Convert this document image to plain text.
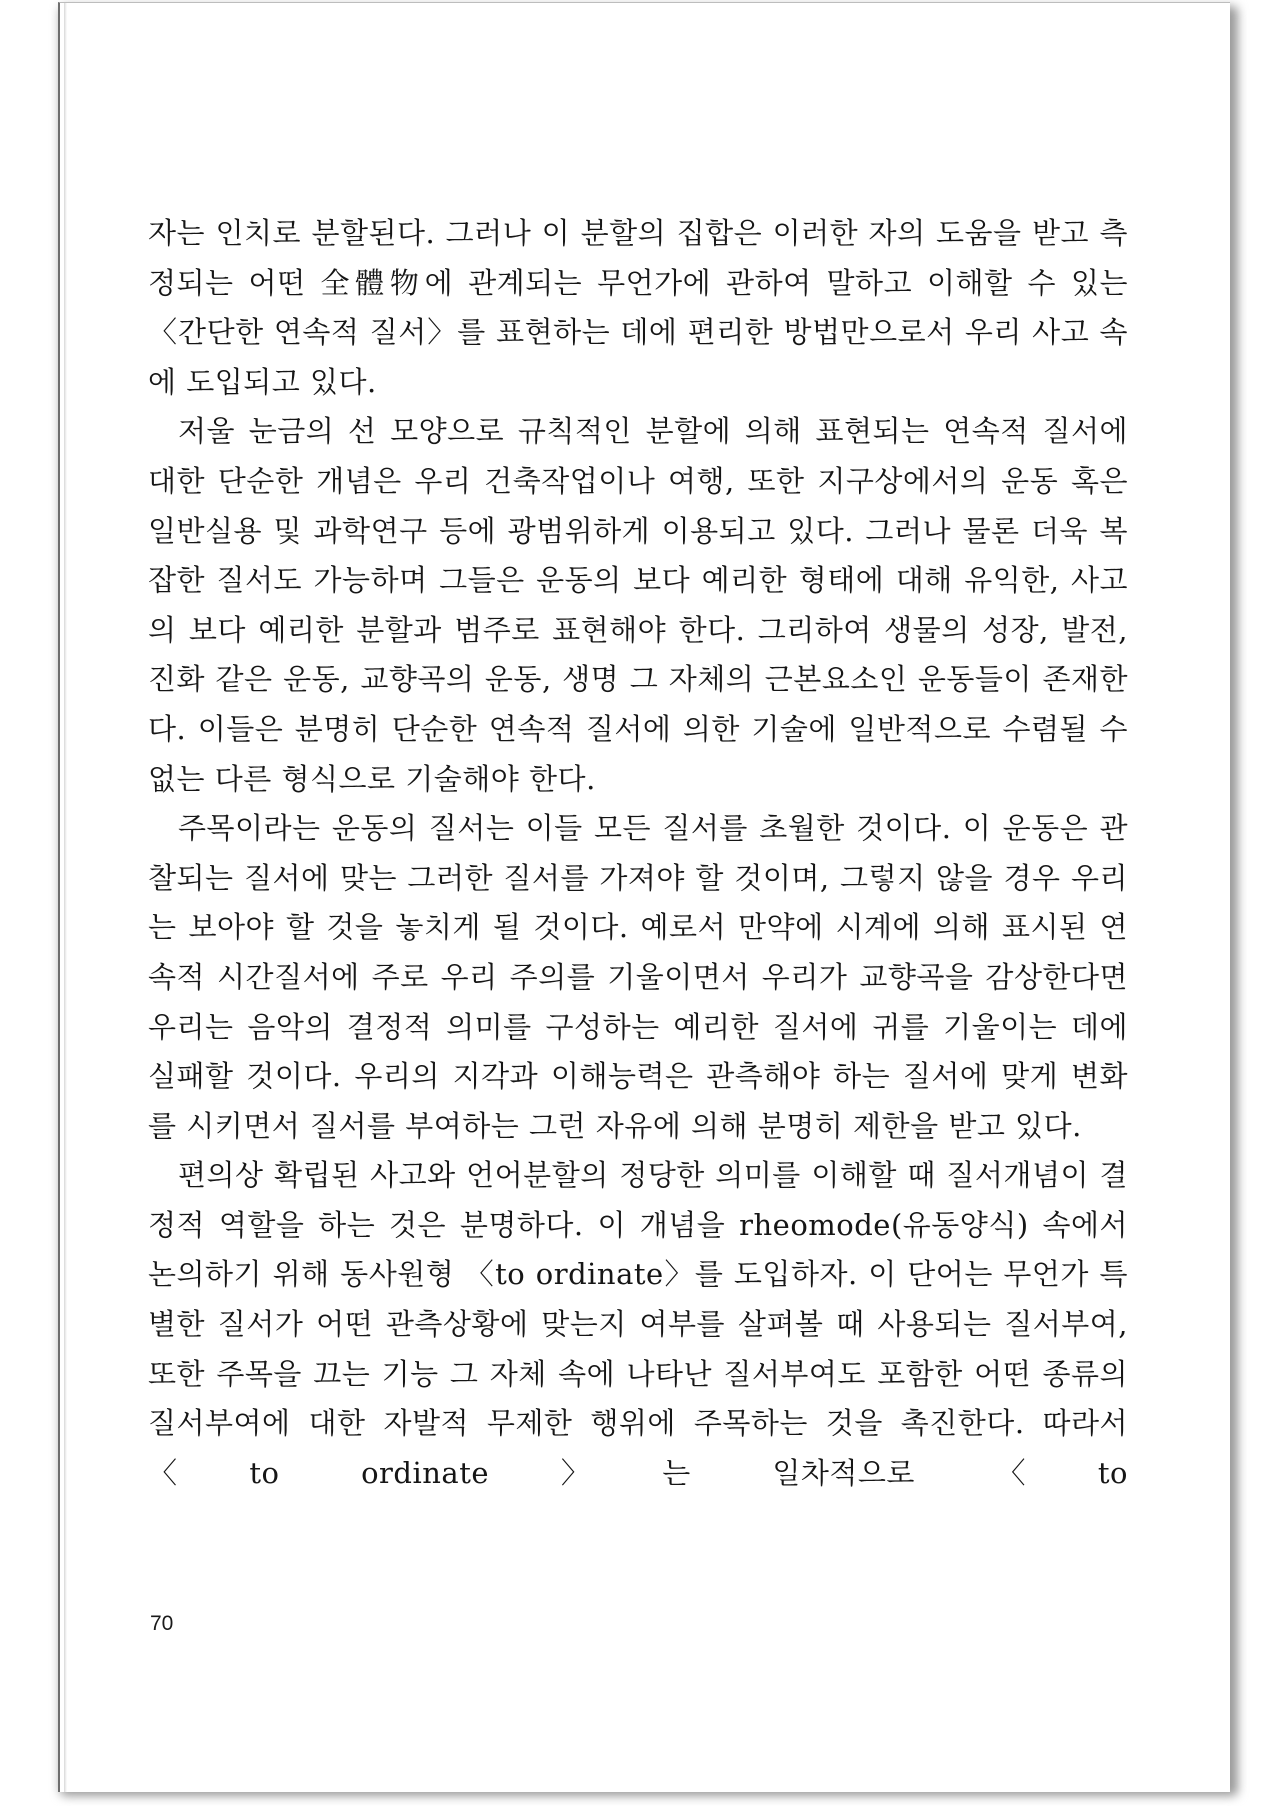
자는 인치로 분할된다. 그러나 이 분할의 집합은 이러한 자의 도움을 받고 측정되는 어떤 全體物에 관계되는 무언가에 관하여 말하고 이해할 수 있는 〈간단한 연속적 질서〉를 표현하는 데에 편리한 방법만으로서 우리 사고 속에 도입되고 있다.

저울 눈금의 선 모양으로 규칙적인 분할에 의해 표현되는 연속적 질서에 대한 단순한 개념은 우리 건축작업이나 여행, 또한 지구상에서의 운동 혹은 일반실용 및 과학연구 등에 광범위하게 이용되고 있다. 그러나 물론 더욱 복잡한 질서도 가능하며 그들은 운동의 보다 예리한 형태에 대해 유익한, 사고의 보다 예리한 분할과 범주로 표현해야 한다. 그리하여 생물의 성장, 발전, 진화 같은 운동, 교향곡의 운동, 생명 그 자체의 근본요소인 운동들이 존재한다. 이들은 분명히 단순한 연속적 질서에 의한 기술에 일반적으로 수렴될 수 없는 다른 형식으로 기술해야 한다.

주목이라는 운동의 질서는 이들 모든 질서를 초월한 것이다. 이 운동은 관찰되는 질서에 맞는 그러한 질서를 가져야 할 것이며, 그렇지 않을 경우 우리는 보아야 할 것을 놓치게 될 것이다. 예로서 만약에 시계에 의해 표시된 연속적 시간질서에 주로 우리 주의를 기울이면서 우리가 교향곡을 감상한다면 우리는 음악의 결정적 의미를 구성하는 예리한 질서에 귀를 기울이는 데에 실패할 것이다. 우리의 지각과 이해능력은 관측해야 하는 질서에 맞게 변화를 시키면서 질서를 부여하는 그런 자유에 의해 분명히 제한을 받고 있다.

편의상 확립된 사고와 언어분할의 정당한 의미를 이해할 때 질서개념이 결정적 역할을 하는 것은 분명하다. 이 개념을 rheomode(유동양식) 속에서 논의하기 위해 동사원형 〈to ordinate〉를 도입하자. 이 단어는 무언가 특별한 질서가 어떤 관측상황에 맞는지 여부를 살펴볼 때 사용되는 질서부여, 또한 주목을 끄는 기능 그 자체 속에 나타난 질서부여도 포함한 어떤 종류의 질서부여에 대한 자발적 무제한 행위에 주목하는 것을 촉진한다. 따라서 〈to ordinate〉는 일차적으로 〈to

70
